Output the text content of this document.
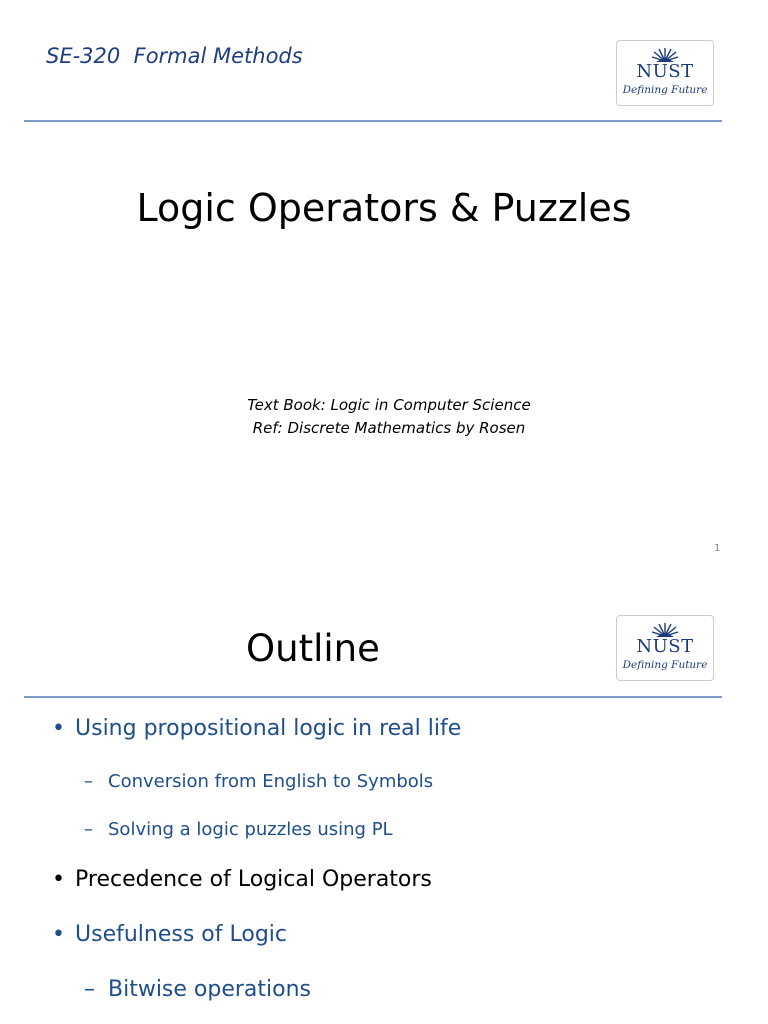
SE-320  Formal Methods
NUST
Defining Future
Logic Operators & Puzzles
Text Book: Logic in Computer Science
Ref: Discrete Mathematics by Rosen
1
Outline	NUST
Defining Future
• Using propositional logic in real life
– Conversion from English to Symbols
– Solving a logic puzzles using PL
• Precedence of Logical Operators
• Usefulness of Logic
– Bitwise operations
